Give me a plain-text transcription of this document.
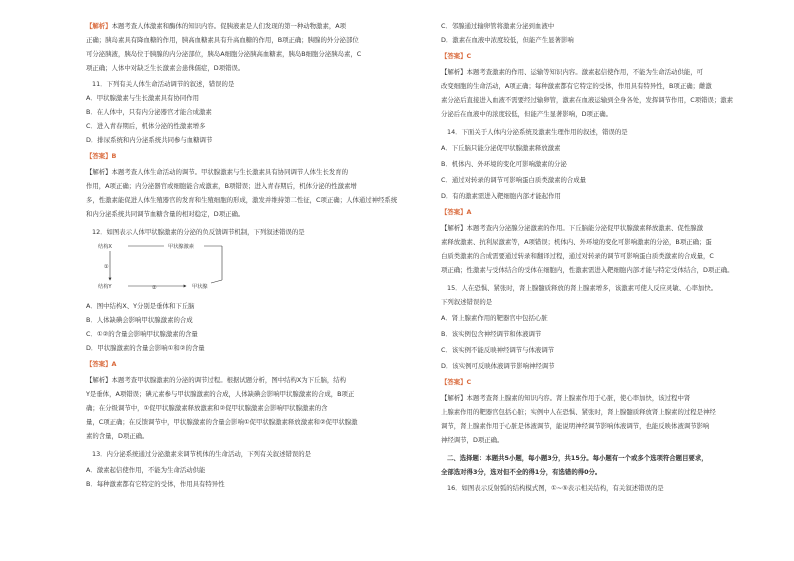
【解析】本题考查人体激素和酶体的知识内容。促胰液素是人们发现的第一种动物激素，A项
正确；胰岛素具有降血糖的作用，胰高血糖素具有升高血糖的作用，B项正确；胰腺的外分泌部位
可分泌胰液，胰岛位于胰腺的内分泌部位，胰岛A细胞分泌胰高血糖素，胰岛B细胞分泌胰岛素，C
项正确；人体中对缺乏生长激素会患侏儒症，D项错误。
11．下列有关人体生命活动调节的叙述，错误的是
A．甲状腺激素与生长激素具有协同作用
B．在人体中，只有内分泌器官才能合成激素
C．进入青春期后，机体分泌的性激素增多
D．排尿系统和内分泌系统共同参与血糖调节
【答案】B
【解析】本题考查人体生命活动的调节。甲状腺激素与生长激素具有协同调节人体生长发育的
作用，A项正确；内分泌器官或细胞能合成激素，B项错误；进入青春期后，机体分泌的性激素增
多，性激素能促进人体生殖器官的发育和生殖细胞的形成，激发并维持第二性征，C项正确；人体通过神经系统
和内分泌系统共同调节血糖含量的相对稳定，D项正确。
12．如图表示人体甲状腺激素的分泌的负反馈调节机制，下列叙述错误的是
结构X
结构Y
甲状腺激素
甲状腺
①
②
A．图中结构X、Y分别是垂体和下丘脑
B．人体缺碘会影响甲状腺激素的合成
C．①②的含量会影响甲状腺激素的含量
D．甲状腺激素的含量会影响①和②的含量
【答案】A
【解析】本题考查甲状腺激素的分泌的调节过程。根据试题分析，图中结构X为下丘脑，结构
Y是垂体，A项错误；碘元素参与甲状腺激素的合成，人体缺碘会影响甲状腺激素的合成，B项正
确；在分级调节中，①促甲状腺激素释放激素和②促甲状腺激素会影响甲状腺激素的含
量，C项正确；在反馈调节中，甲状腺激素的含量会影响①促甲状腺激素释放激素和②促甲状腺激
素的含量，D项正确。
13．内分泌系统通过分泌激素来调节机体的生命活动，下列有关叙述错误的是
A．激素起信使作用，不能为生命活动供能
B．每种激素都有它特定的受体，作用具有特异性
C．邻腺通过输卵管将激素分泌到血液中
D．激素在血液中浓度较低，但能产生显著影响
【答案】C
【解析】本题考查激素的作用、运输等知识内容。激素起信使作用，不能为生命活动供能，可
改变细胞的生命活动，A项正确；每种激素都有它特定的受体，作用具有特异性，B项正确；雌激
素分泌后直接进入血液不需要经过输卵管，激素在血液运输到全身各处，发挥调节作用，C项错误；激素
分泌后在血液中的浓度较低，但能产生显著影响，D项正确。
14．下面关于人体内分泌系统及激素生理作用的叙述，错误的是
A．下丘脑只能分泌促甲状腺激素释放激素
B．机体内、外环境的变化可影响激素的分泌
C．通过对转录的调节可影响蛋白质类激素的合成量
D．有的激素需进入靶细胞内部才能起作用
【答案】A
【解析】本题考查内分泌腺分泌激素的作用。下丘脑能分泌促甲状腺激素释放激素、促性腺激
素释放激素、抗利尿激素等，A项错误；机体内、外环境的变化可影响激素的分泌，B项正确；蛋
白质类激素的合成需要通过转录和翻译过程，通过对转录的调节可影响蛋白质类激素的合成量，C
项正确；性激素与受体结合的受体在细胞内，性激素需进入靶细胞内部才能与特定受体结合，D项正确。
15．人在恐惧、紧张时，肾上腺髓质释放的肾上腺素增多，该激素可使人反应灵敏、心率加快。
下列叙述错误的是
A．肾上腺素作用的靶器官中包括心脏
B．该实例包含神经调节和体液调节
C．该实例不能反映神经调节与体液调节
D．该实例可反映体液调节影响神经调节
【答案】C
【解析】本题考查肾上腺素的知识内容。肾上腺素作用于心脏，使心率加快，该过程中肾
上腺素作用的靶器官包括心脏；实例中人在恐惧、紧张时，肾上腺髓质释放肾上腺素的过程是神经
调节，肾上腺素作用于心脏是体液调节，能说明神经调节影响体液调节，也能反映体液调节影响
神经调节，D项正确。
二、选择题：本题共5小题，每小题3分，共15分。每小题有一个或多个选项符合题目要求，
全部选对得3分，选对但不全的得1分，有选错的得0分。
16．如图表示反射弧的结构模式图，①~⑤表示相关结构，有关叙述错误的是
